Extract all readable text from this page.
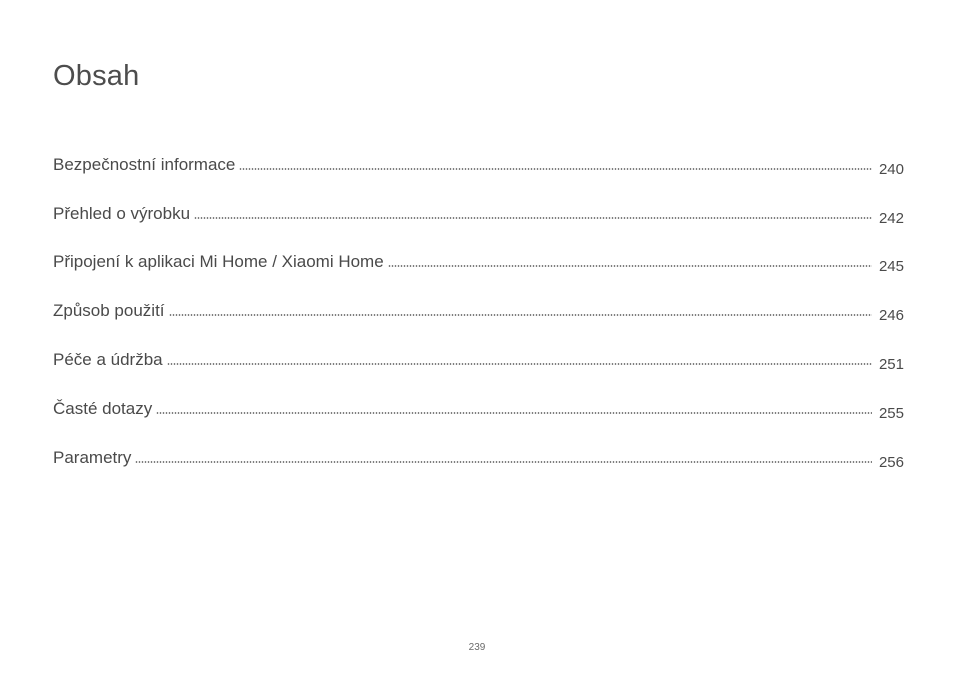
Obsah
Bezpečnostní informace	240
Přehled o výrobku	242
Připojení k aplikaci Mi Home / Xiaomi Home	245
Způsob použití	246
Péče a údržba	251
Časté dotazy	255
Parametry	256
239
